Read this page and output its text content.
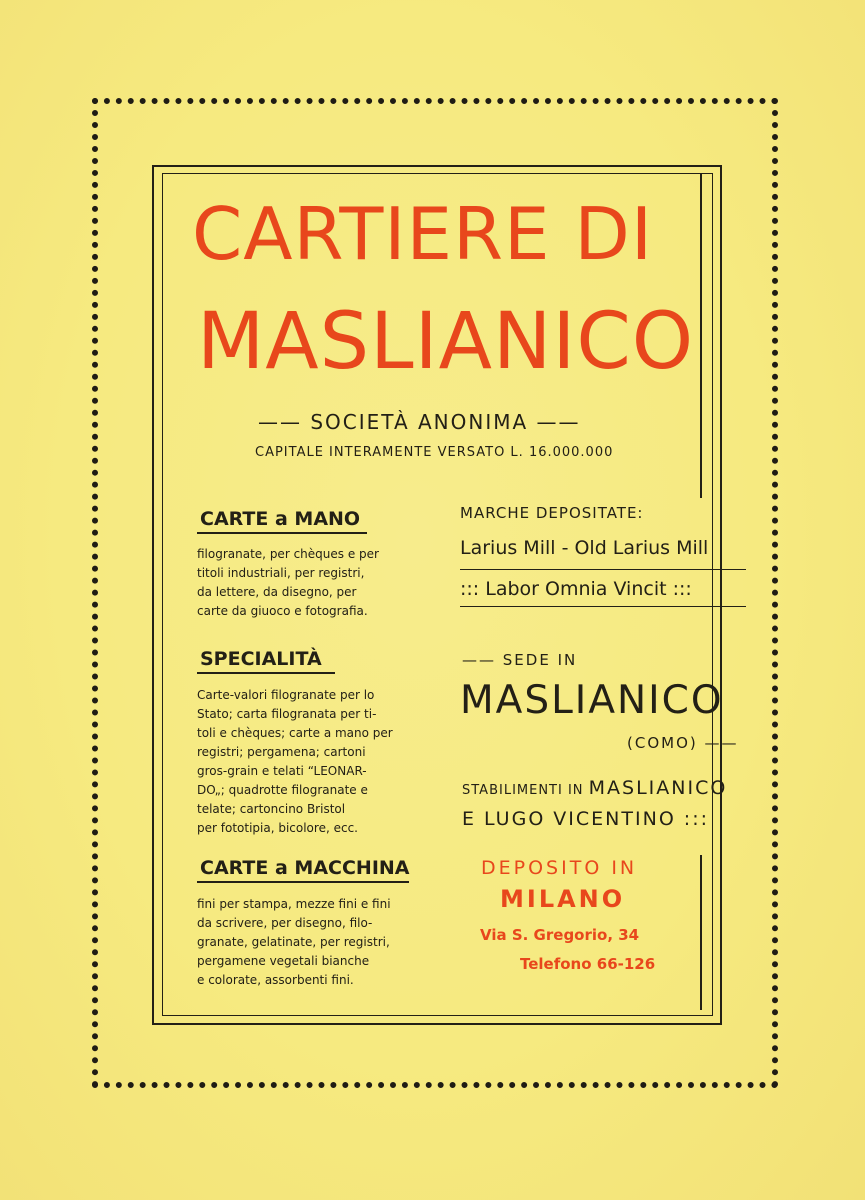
CARTIERE DI
MASLIANICO
—— SOCIETÀ ANONIMA ——
CAPITALE INTERAMENTE VERSATO L. 16.000.000
CARTE a MANO
filogranate, per chèques e per
titoli industriali, per registri,
da lettere, da disegno, per
carte da giuoco e fotografia.
SPECIALITÀ
Carte-valori filogranate per lo
Stato; carta filogranata per ti-
toli e chèques; carte a mano per
registri; pergamena; cartoni
gros-grain e telati “LEONAR-
DO„; quadrotte filogranate e
telate; cartoncino Bristol
per fototipia, bicolore, ecc.
CARTE a MACCHINA
fini per stampa, mezze fini e fini
da scrivere, per disegno, filo-
granate, gelatinate, per registri,
pergamene vegetali bianche
e colorate, assorbenti fini.
MARCHE DEPOSITATE:
Larius Mill - Old Larius Mill
::: Labor Omnia Vincit :::
—— SEDE IN
MASLIANICO
(COMO) ——
STABILIMENTI IN MASLIANICO
E LUGO VICENTINO :::
DEPOSITO IN
MILANO
Via S. Gregorio, 34
Telefono 66-126
